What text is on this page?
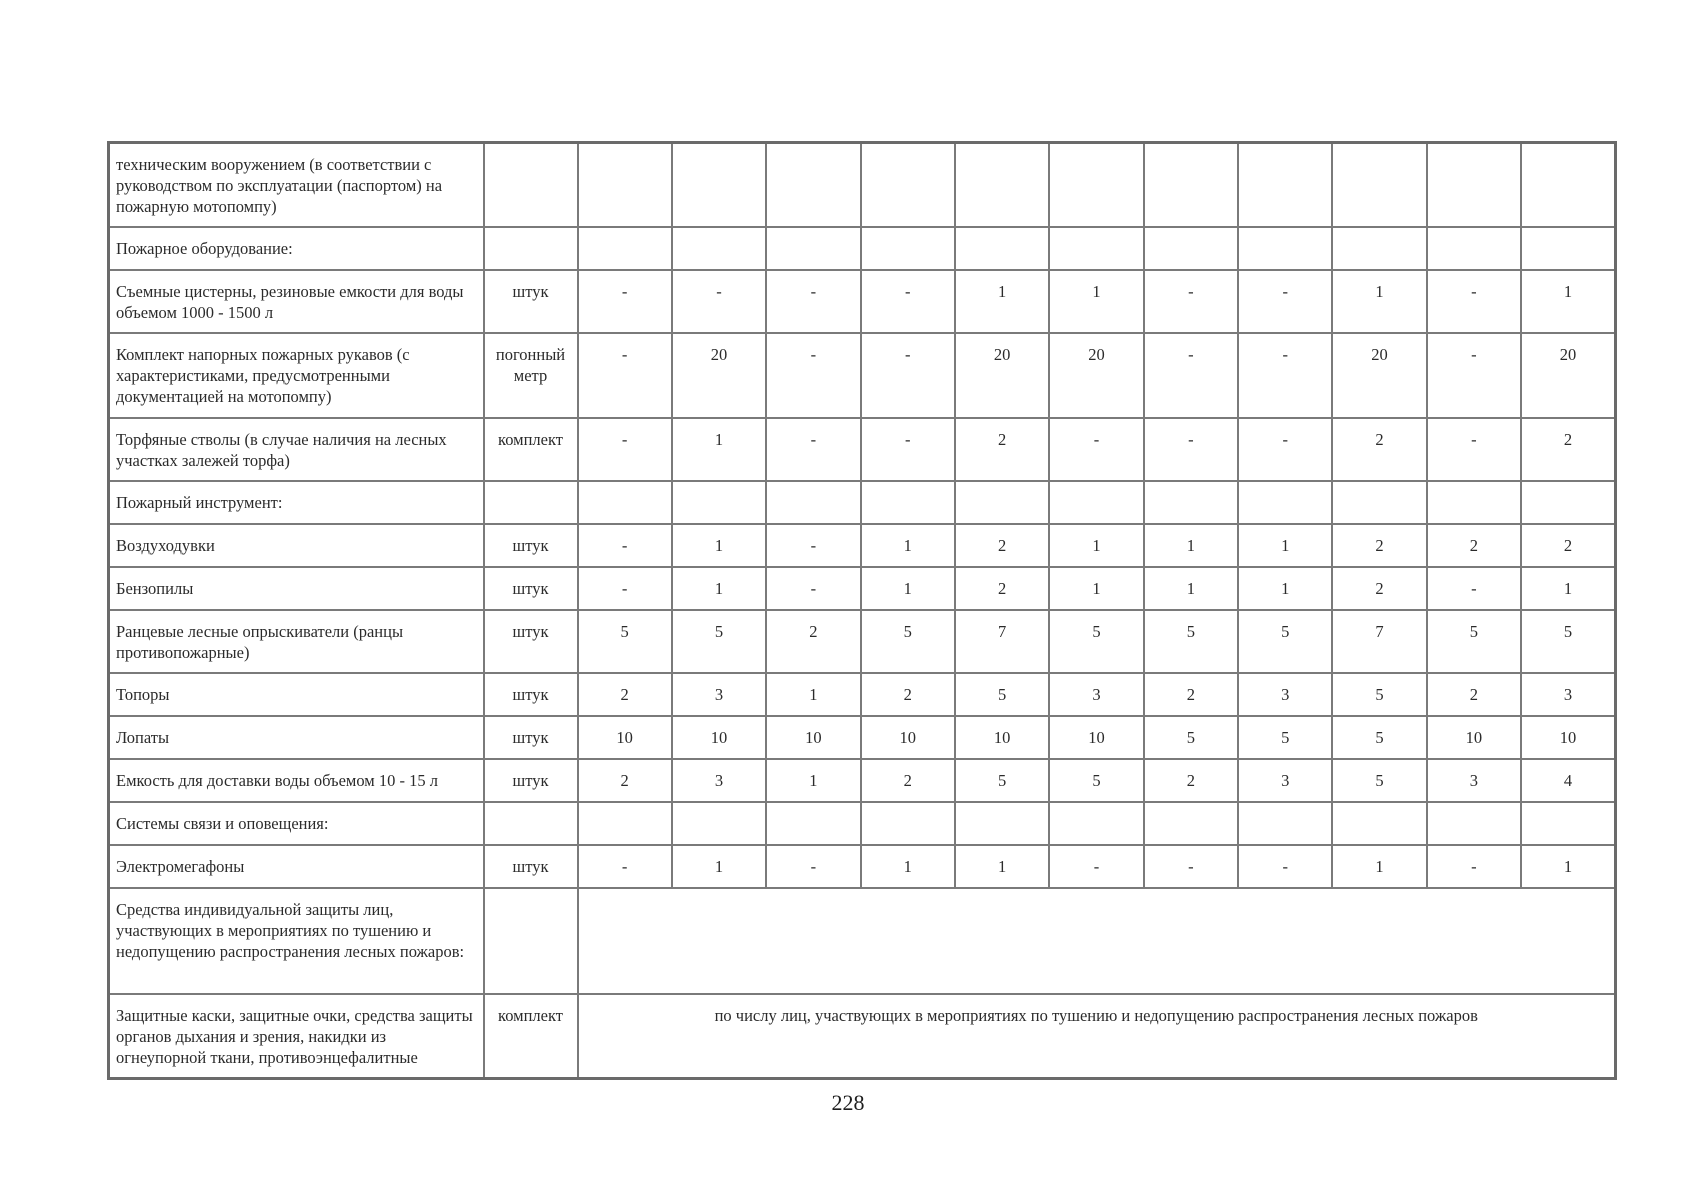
техническим вооружением (в соответствии с руководством по эксплуатации (паспортом) на пожарную мотопомпу)												
Пожарное оборудование:												
Съемные цистерны, резиновые емкости для воды объемом 1000 - 1500 л	штук	-	-	-	-	1	1	-	-	1	-	1
Комплект напорных пожарных рукавов (с характеристиками, предусмотренными документацией на мотопомпу)	погонный метр	-	20	-	-	20	20	-	-	20	-	20
Торфяные стволы (в случае наличия на лесных участках залежей торфа)	комплект	-	1	-	-	2	-	-	-	2	-	2
Пожарный инструмент:												
Воздуходувки	штук	-	1	-	1	2	1	1	1	2	2	2
Бензопилы	штук	-	1	-	1	2	1	1	1	2	-	1
Ранцевые лесные опрыскиватели (ранцы противопожарные)	штук	5	5	2	5	7	5	5	5	7	5	5
Топоры	штук	2	3	1	2	5	3	2	3	5	2	3
Лопаты	штук	10	10	10	10	10	10	5	5	5	10	10
Емкость для доставки воды объемом 10 - 15 л	штук	2	3	1	2	5	5	2	3	5	3	4
Системы связи и оповещения:												
Электромегафоны	штук	-	1	-	1	1	-	-	-	1	-	1
Средства индивидуальной защиты лиц, участвующих в мероприятиях по тушению и недопущению распространения лесных пожаров:												
Защитные каски, защитные очки, средства защиты органов дыхания и зрения, накидки из огнеупорной ткани, противоэнцефалитные	комплект	по числу лиц, участвующих в мероприятиях по тушению и недопущению распространения лесных пожаров										
228
